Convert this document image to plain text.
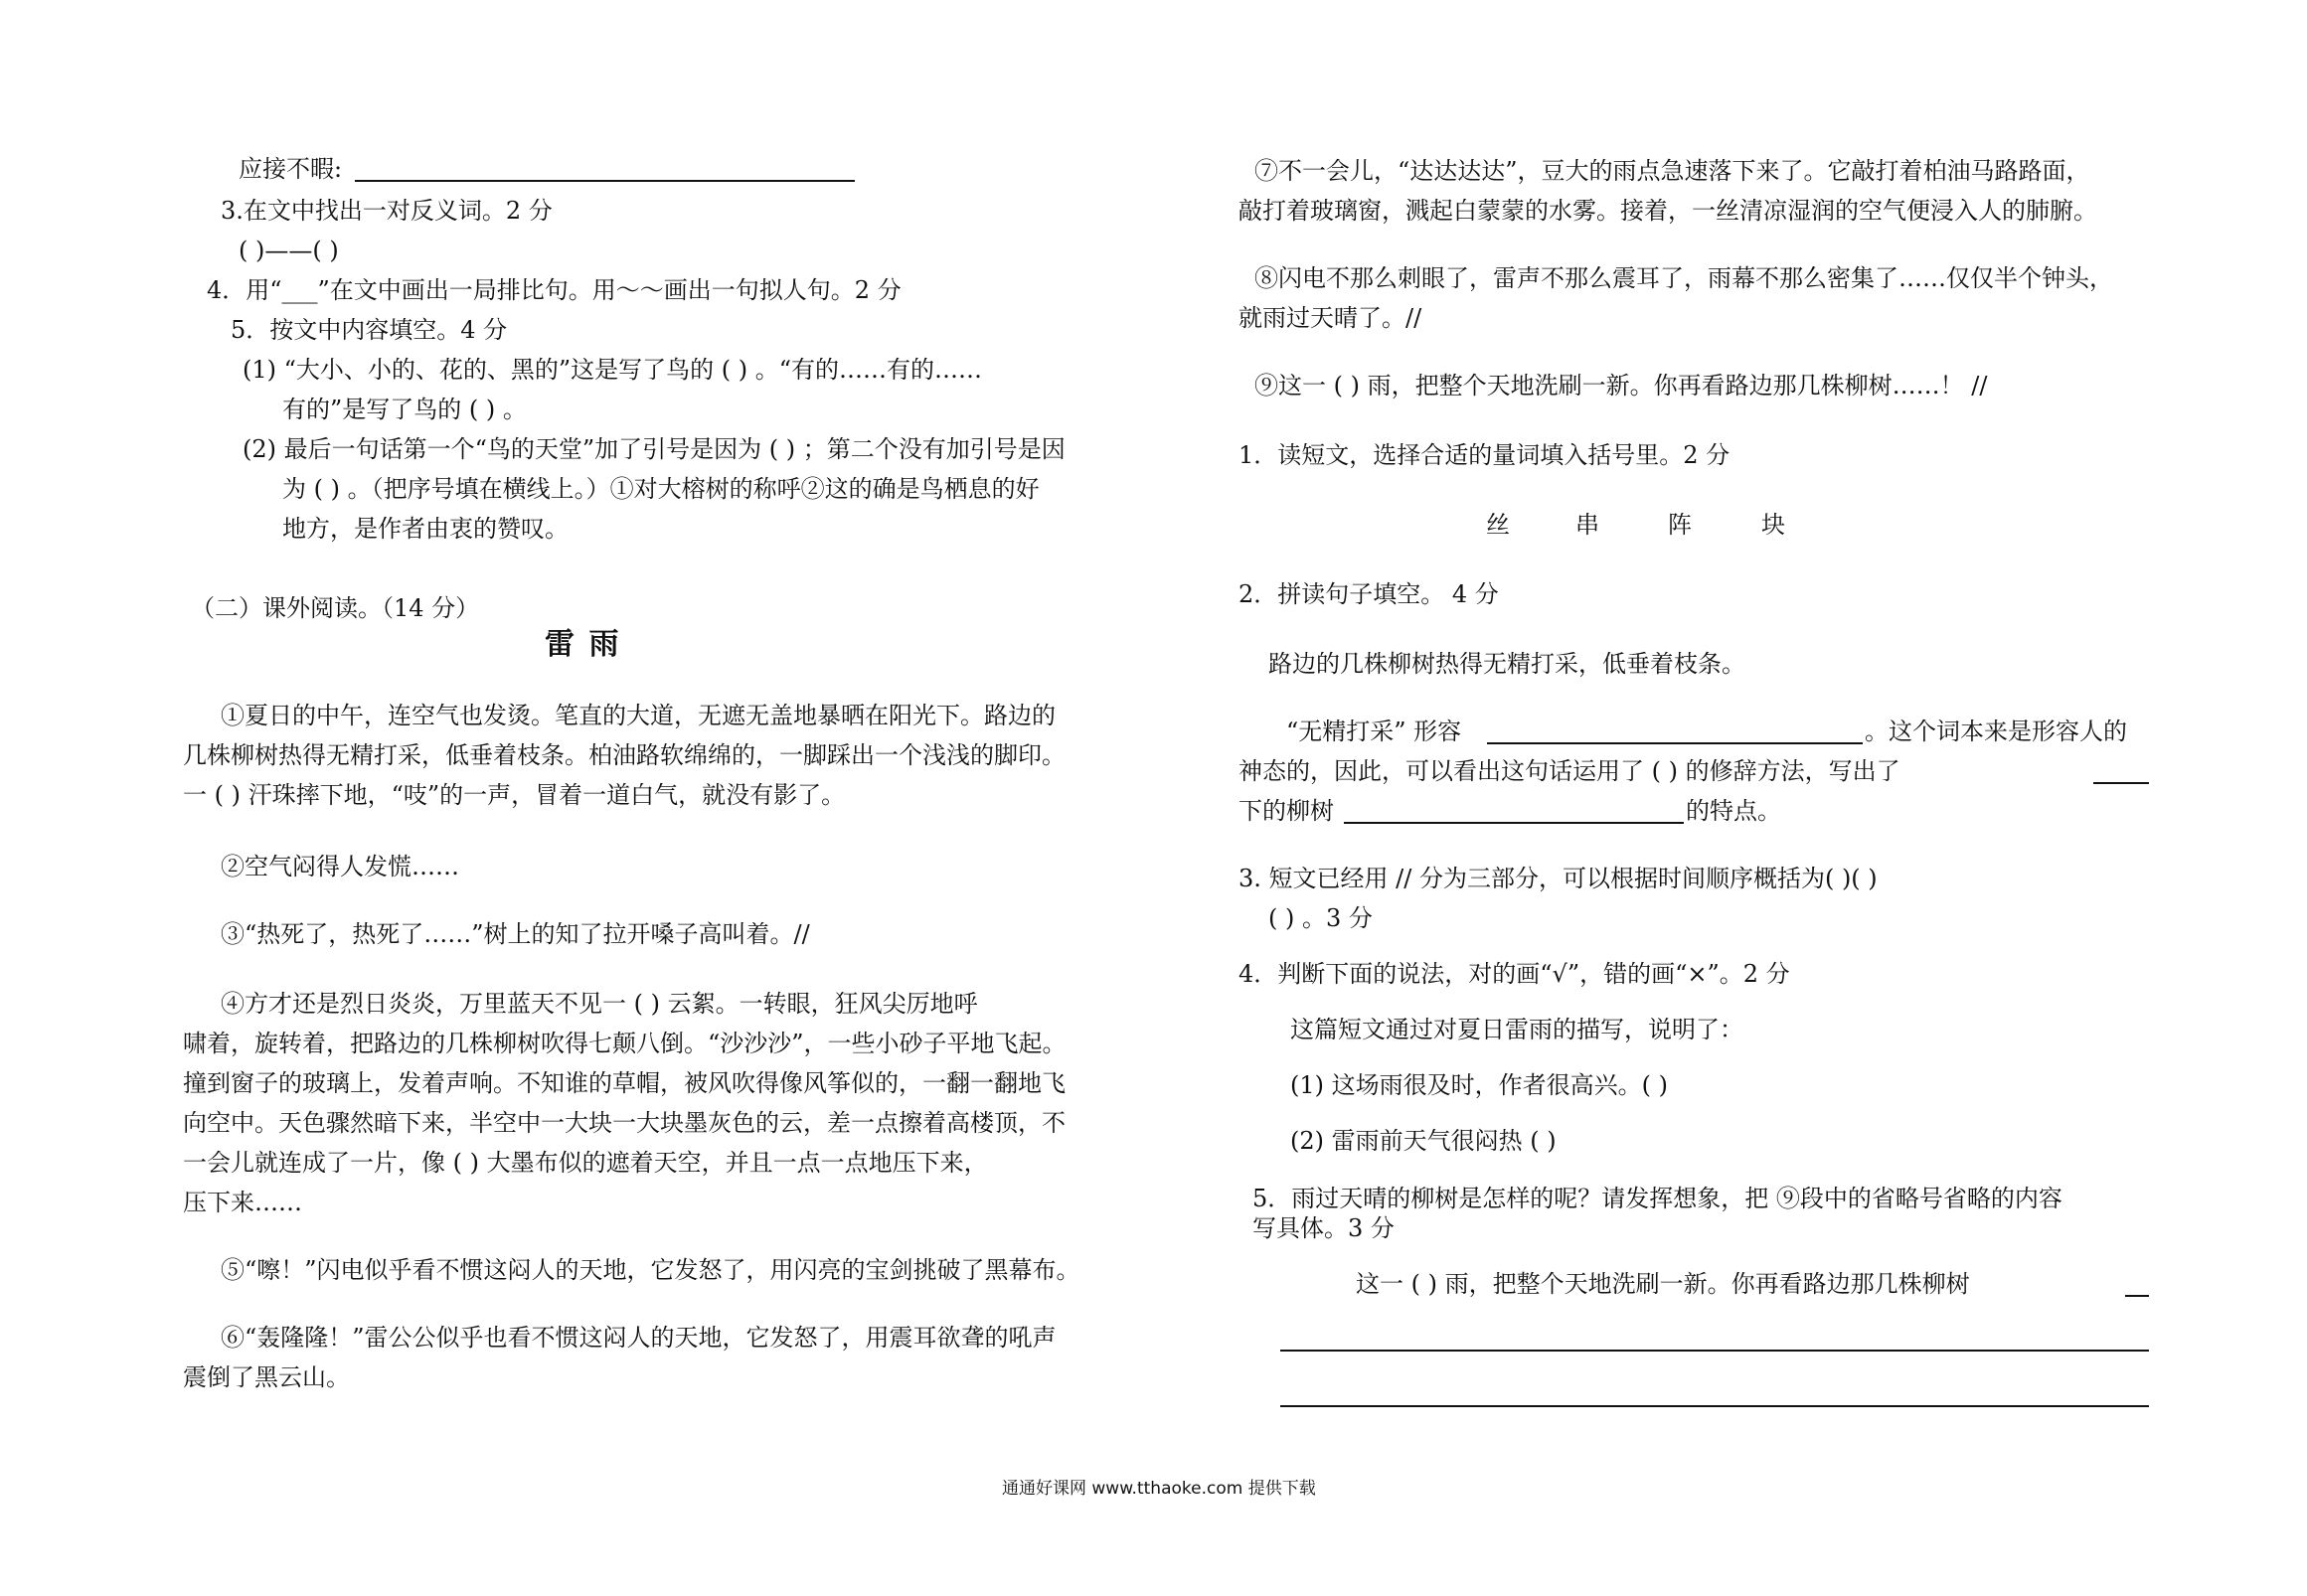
应接不暇:
3.在文中找出一对反义词。2 分
( )——( )
4．用“___”在文中画出一局排比句。用～～画出一句拟人句。2 分
5．按文中内容填空。4 分
(1) “大小、小的、花的、黑的”这是写了鸟的 ( ) 。“有的……有的……
有的”是写了鸟的 ( ) 。
(2) 最后一句话第一个“鸟的天堂”加了引号是因为 ( ) ；第二个没有加引号是因
为 ( ) 。（把序号填在横线上。）①对大榕树的称呼②这的确是鸟栖息的好
地方，是作者由衷的赞叹。
（二）课外阅读。（14 分）
雷 雨
①夏日的中午，连空气也发烫。笔直的大道，无遮无盖地暴晒在阳光下。路边的
几株柳树热得无精打采，低垂着枝条。柏油路软绵绵的，一脚踩出一个浅浅的脚印。
一 ( ) 汗珠摔下地，“吱”的一声，冒着一道白气，就没有影了。
②空气闷得人发慌……
③“热死了，热死了……”树上的知了拉开嗓子高叫着。//
④方才还是烈日炎炎，万里蓝天不见一 ( ) 云絮。一转眼，狂风尖厉地呼
啸着，旋转着，把路边的几株柳树吹得七颠八倒。“沙沙沙”，一些小砂子平地飞起。
撞到窗子的玻璃上，发着声响。不知谁的草帽，被风吹得像风筝似的，一翻一翻地飞
向空中。天色骤然暗下来，半空中一大块一大块墨灰色的云，差一点擦着高楼顶，不
一会儿就连成了一片，像 ( ) 大墨布似的遮着天空，并且一点一点地压下来，
压下来……
⑤“嚓！”闪电似乎看不惯这闷人的天地，它发怒了，用闪亮的宝剑挑破了黑幕布。
⑥“轰隆隆！”雷公公似乎也看不惯这闷人的天地，它发怒了，用震耳欲聋的吼声
震倒了黑云山。
⑦不一会儿，“达达达达”，豆大的雨点急速落下来了。它敲打着柏油马路路面，
敲打着玻璃窗，溅起白蒙蒙的水雾。接着，一丝清凉湿润的空气便浸入人的肺腑。
⑧闪电不那么刺眼了，雷声不那么震耳了，雨幕不那么密集了……仅仅半个钟头，
就雨过天晴了。//
⑨这一 ( ) 雨，把整个天地洗刷一新。你再看路边那几株柳树……！ //
1．读短文，选择合适的量词填入括号里。2 分
丝	串	阵	块
2．拼读句子填空。 4 分
路边的几株柳树热得无精打采，低垂着枝条。
“无精打采” 形容	。这个词本来是形容人的
神态的，因此，可以看出这句话运用了 ( ) 的修辞方法，写出了
下的柳树	的特点。
3. 短文已经用 // 分为三部分，可以根据时间顺序概括为( )( )
( ) 。3 分
4．判断下面的说法，对的画“√”，错的画“×”。2 分
这篇短文通过对夏日雷雨的描写，说明了：
(1) 这场雨很及时，作者很高兴。( )
(2) 雷雨前天气很闷热 ( )
5．雨过天晴的柳树是怎样的呢？请发挥想象，把 ⑨段中的省略号省略的内容
写具体。3 分
这一 ( ) 雨，把整个天地洗刷一新。你再看路边那几株柳树
通通好课网 www.tthaoke.com 提供下载
